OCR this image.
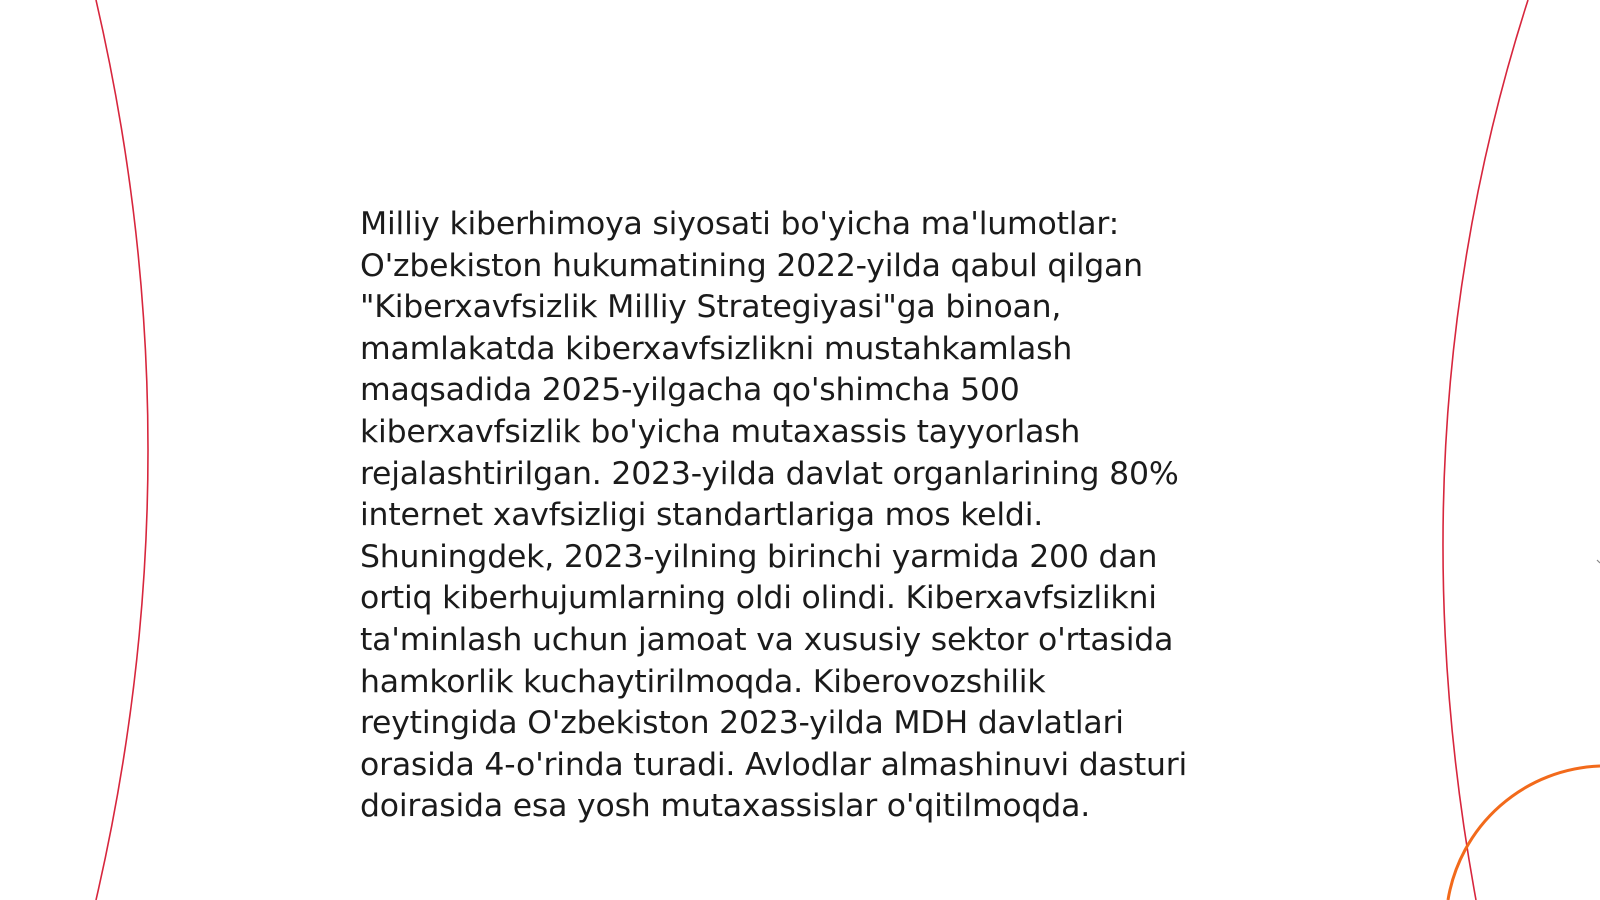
Milliy kiberhimoya siyosati bo'yicha ma'lumotlar:
O'zbekiston hukumatining 2022-yilda qabul qilgan
"Kiberxavfsizlik Milliy Strategiyasi"ga binoan,
mamlakatda kiberxavfsizlikni mustahkamlash
maqsadida 2025-yilgacha qo'shimcha 500
kiberxavfsizlik bo'yicha mutaxassis tayyorlash
rejalashtirilgan. 2023-yilda davlat organlarining 80%
internet xavfsizligi standartlariga mos keldi.
Shuningdek, 2023-yilning birinchi yarmida 200 dan
ortiq kiberhujumlarning oldi olindi. Kiberxavfsizlikni
ta'minlash uchun jamoat va xususiy sektor o'rtasida
hamkorlik kuchaytirilmoqda. Kiberovozshilik
reytingida O'zbekiston 2023-yilda MDH davlatlari
orasida 4-o'rinda turadi. Avlodlar almashinuvi dasturi
doirasida esa yosh mutaxassislar o'qitilmoqda.
